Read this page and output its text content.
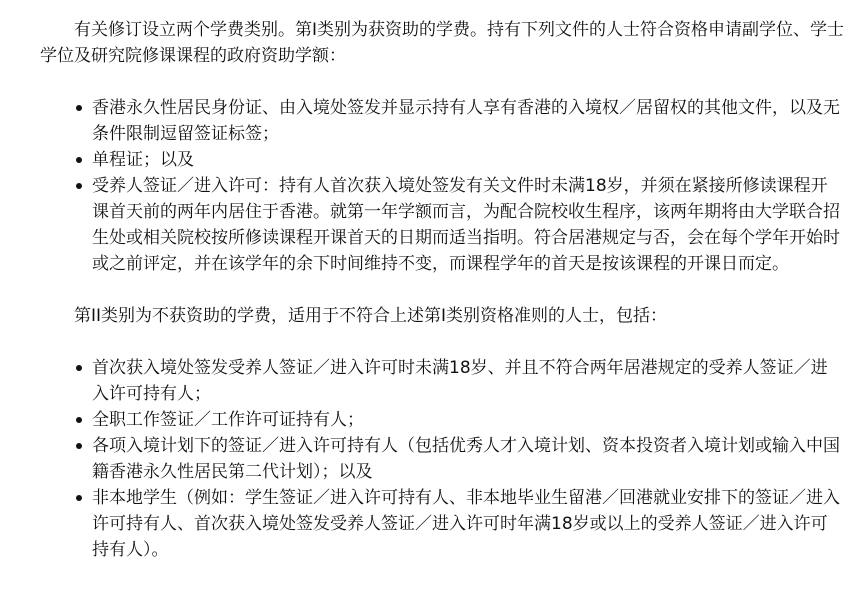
有关修订设立两个学费类别。第I类别为获资助的学费。持有下列文件的人士符合资格申请副学位、学士学位及研究院修课课程的政府资助学额：

香港永久性居民身份证、由入境处签发并显示持有人享有香港的入境权／居留权的其他文件，以及无条件限制逗留签证标签；
单程证；以及
受养人签证／进入许可：持有人首次获入境处签发有关文件时未满18岁，并须在紧接所修读课程开课首天前的两年内居住于香港。就第一年学额而言，为配合院校收生程序，该两年期将由大学联合招生处或相关院校按所修读课程开课首天的日期而适当指明。符合居港规定与否，会在每个学年开始时或之前评定，并在该学年的余下时间维持不变，而课程学年的首天是按该课程的开课日而定。

第II类别为不获资助的学费，适用于不符合上述第I类别资格准则的人士，包括：

首次获入境处签发受养人签证／进入许可时未满18岁、并且不符合两年居港规定的受养人签证／进入许可持有人；
全职工作签证／工作许可证持有人；
各项入境计划下的签证／进入许可持有人（包括优秀人才入境计划、资本投资者入境计划或输入中国籍香港永久性居民第二代计划）；以及
非本地学生（例如：学生签证／进入许可持有人、非本地毕业生留港／回港就业安排下的签证／进入许可持有人、首次获入境处签发受养人签证／进入许可时年满18岁或以上的受养人签证／进入许可持有人）。
